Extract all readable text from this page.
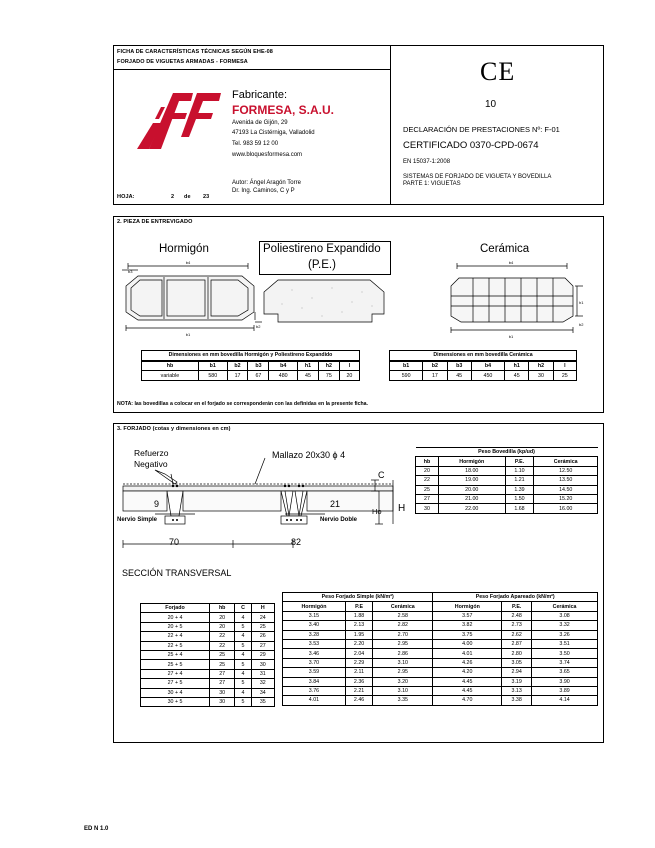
FICHA DE CARACTERÍSTICAS TÉCNICAS SEGÚN EHE-08
FORJADO DE VIGUETAS ARMADAS - FORMESA
Fabricante:
FORMESA, S.A.U.
Avenida de Gijón, 29
47193 La Cistérniga, Valladolid
Tel. 983 59 12 00
www.bloquesformesa.com
Autor: Ángel Aragón Torre
Dr. Ing. Caminos, C y P
HOJA:	2 de 23
CE
10
DECLARACIÓN DE PRESTACIONES Nº: F-01
CERTIFICADO 0370-CPD-0674
EN 15037-1:2008
SISTEMAS DE FORJADO DE VIGUETA Y BOVEDILLA
PARTE 1: VIGUETAS
2. PIEZA DE ENTREVIGADO
Hormigón	Poliestireno Expandido
(P.E.)
Cerámica
b4
b3
b1
b2
b4
b1
h1
b2
Dimensiones en mm bovedilla Hormigón y Poliestireno Expandido
hb	b1	b2	b3	b4	h1	h2	l
variable	580	17	67	480	45	75	20
Dimensiones en mm bovedilla Cerámica
b1	b2	b3	b4	h1	h2	l
590	17	45	450	45	30	25
NOTA: las bovedillas a colocar en el forjado se corresponderán con las definidas en la presente ficha.
3. FORJADO (cotas y dimensiones en cm)
Refuerzo
Negativo
Mallazo 20x30 ϕ 4
9	21
C
Ho H
Nervio Simple	Nervio Doble
70	82
SECCIÓN TRANSVERSAL
Peso Bovedilla (kp/ud)			
hb	Hormigón	P.E.	Cerámica
20	18.00	1.10	12.50
22	19.00	1.21	13.50
25	20.00	1.39	14.50
27	21.00	1.50	15.20
30	22.00	1.68	16.00
Forjado	hb	C	H
20 + 4	20	4	24
20 + 5	20	5	25
22 + 4	22	4	26
22 + 5	22	5	27
25 + 4	25	4	29
25 + 5	25	5	30
27 + 4	27	4	31
27 + 5	27	5	32
30 + 4	30	4	34
30 + 5	30	5	35
Peso Forjado Simple (kN/m²)			Peso Forjado Apareado (kN/m²)		
Hormigón	P.E	Cerámica	Hormigón	P.E.	Cerámica
3.15	1.88	2.58	3.57	2.48	3.08
3.40	2.13	2.82	3.82	2.73	3.32
3.28	1.95	2.70	3.75	2.62	3.26
3.53	2.20	2.95	4.00	2.87	3.51
3.46	2.04	2.86	4.01	2.80	3.50
3.70	2.29	3.10	4.26	3.05	3.74
3.59	2.11	2.95	4.20	2.94	3.65
3.84	2.36	3.20	4.45	3.19	3.90
3.76	2.21	3.10	4.45	3.13	3.89
4.01	2.46	3.35	4.70	3.38	4.14
ED N 1.0
